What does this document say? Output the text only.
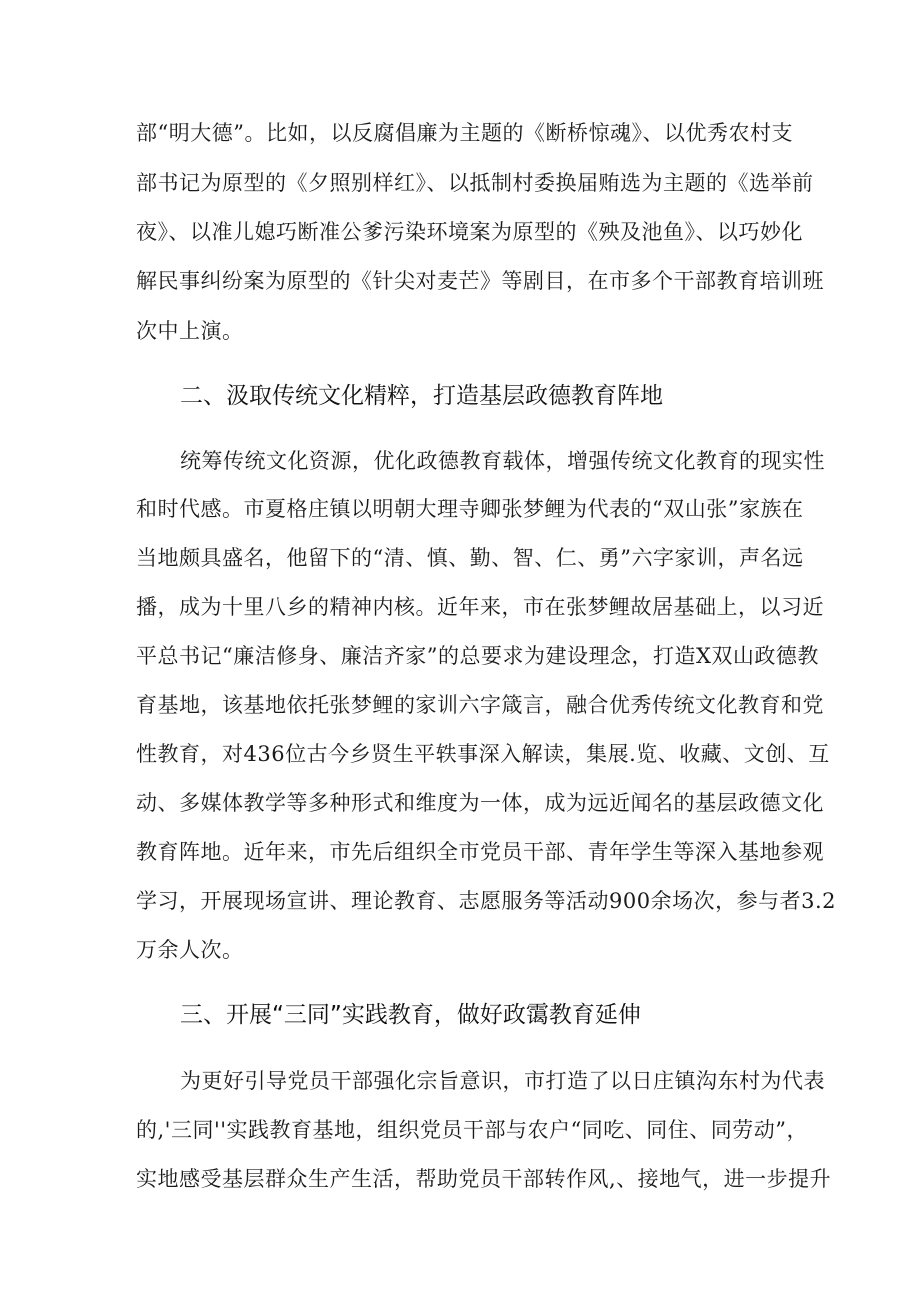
部“明大德”。比如，以反腐倡廉为主题的《断桥惊魂》、以优秀农村支
部书记为原型的《夕照别样红》、以抵制村委换届贿选为主题的《选举前
夜》、以准儿媳巧断准公爹污染环境案为原型的《殃及池鱼》、以巧妙化
解民事纠纷案为原型的《针尖对麦芒》等剧目，在市多个干部教育培训班
次中上演。
二、汲取传统文化精粹，打造基层政德教育阵地
统筹传统文化资源，优化政德教育载体，增强传统文化教育的现实性
和时代感。市夏格庄镇以明朝大理寺卿张梦鲤为代表的“双山张”家族在
当地颇具盛名，他留下的“清、慎、勤、智、仁、勇”六字家训，声名远
播，成为十里八乡的精神内核。近年来，市在张梦鲤故居基础上，以习近
平总书记“廉洁修身、廉洁齐家”的总要求为建设理念，打造X双山政德教
育基地，该基地依托张梦鲤的家训六字箴言，融合优秀传统文化教育和党
性教育，对436位古今乡贤生平轶事深入解读，集展.览、收藏、文创、互
动、多媒体教学等多种形式和维度为一体，成为远近闻名的基层政德文化
教育阵地。近年来，市先后组织全市党员干部、青年学生等深入基地参观
学习，开展现场宣讲、理论教育、志愿服务等活动900余场次，参与者3.2
万余人次。
三、开展“三同”实践教育，做好政霭教育延伸
为更好引导党员干部强化宗旨意识，市打造了以日庄镇沟东村为代表
的,'三同''实践教育基地，组织党员干部与农户“同吃、同住、同劳动”，
实地感受基层群众生产生活，帮助党员干部转作风,、接地气，进一步提升
